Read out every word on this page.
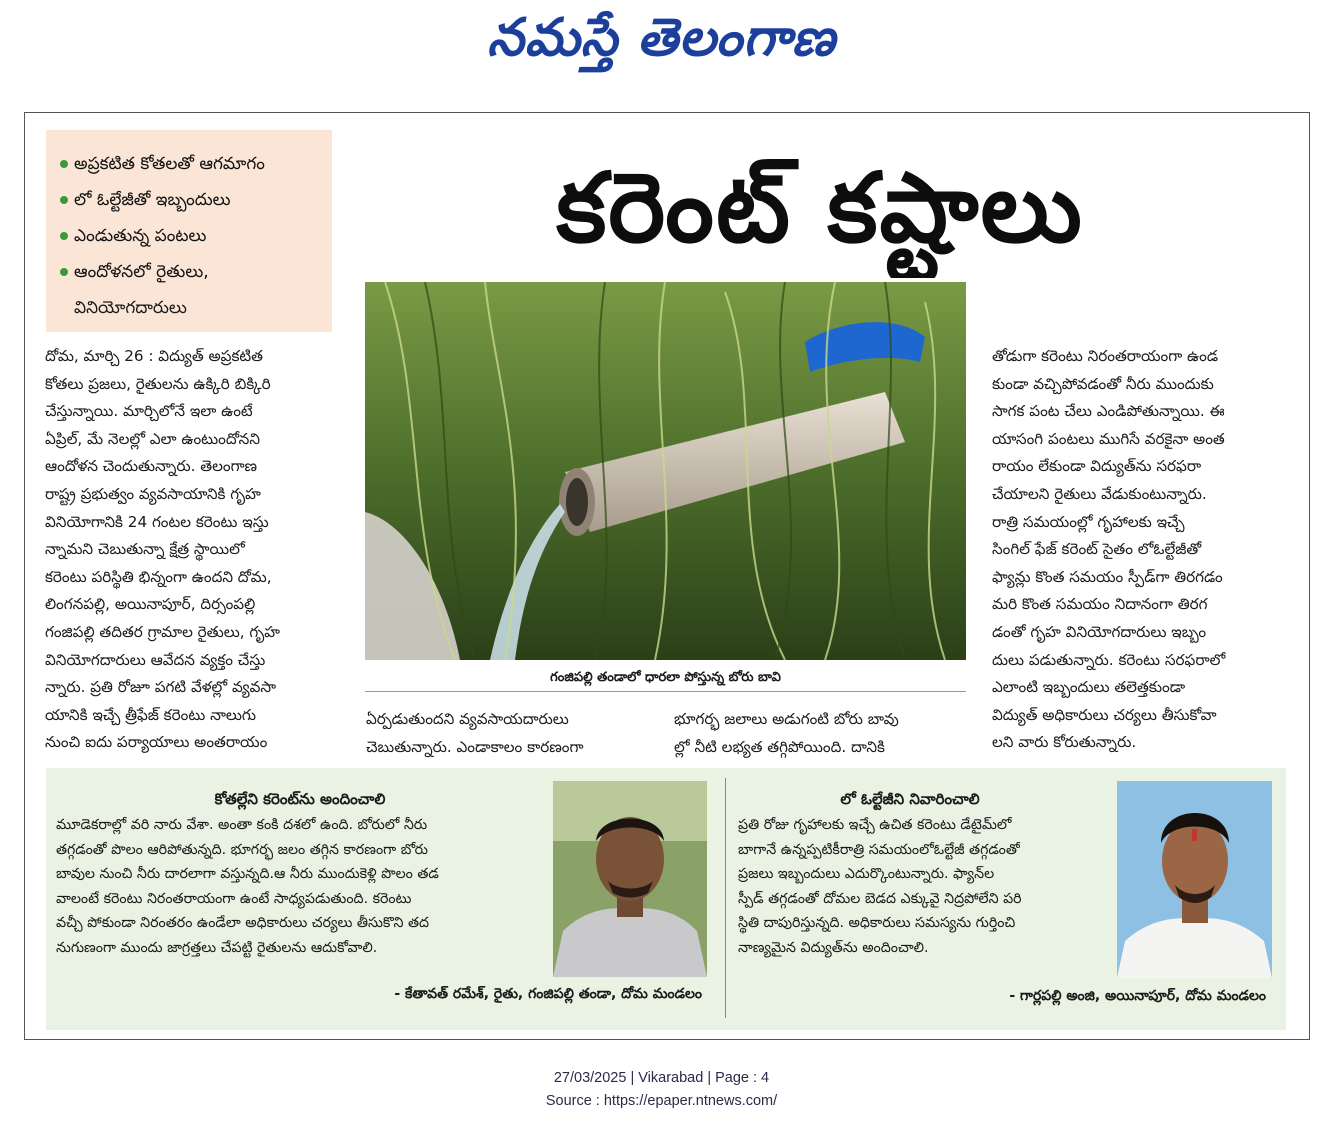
నమస్తే తెలంగాణ
అప్రకటిత కోతలతో ఆగమాగం
లో ఓల్టేజీతో ఇబ్బందులు
ఎండుతున్న పంటలు
ఆందోళనలో రైతులు,
వినియోగదారులు
కరెంట్ కష్టాలు
గంజిపల్లి తండాలో ధారలా పోస్తున్న బోరు బావి
దోమ, మార్చి 26 : విద్యుత్ అప్రకటిత
కోతలు ప్రజలు, రైతులను ఉక్కిరి బిక్కిరి
చేస్తున్నాయి. మార్చిలోనే ఇలా ఉంటే
ఏప్రిల్, మే నెలల్లో ఎలా ఉంటుందోనని
ఆందోళన చెందుతున్నారు. తెలంగాణ
రాష్ట్ర ప్రభుత్వం వ్యవసాయానికి గృహ
వినియోగానికి 24 గంటల కరెంటు ఇస్తు
న్నామని చెబుతున్నా క్షేత్ర స్థాయిలో
కరెంటు పరిస్థితి భిన్నంగా ఉందని దోమ,
లింగనపల్లి, అయినాపూర్, దిర్సంపల్లి
గంజిపల్లి తదితర గ్రామాల రైతులు, గృహ
వినియోగదారులు ఆవేదన వ్యక్తం చేస్తు
న్నారు. ప్రతి రోజూ పగటి వేళల్లో వ్యవసా
యానికి ఇచ్చే త్రీఫేజ్ కరెంటు నాలుగు
నుంచి ఐదు పర్యాయాలు అంతరాయం
ఏర్పడుతుందని వ్యవసాయదారులు
చెబుతున్నారు. ఎండాకాలం కారణంగా
భూగర్భ జలాలు అడుగంటి బోరు బావు
ల్లో నీటి లభ్యత తగ్గిపోయింది. దానికి
తోడుగా కరెంటు నిరంతరాయంగా ఉండ
కుండా వచ్చిపోవడంతో నీరు ముందుకు
సాగక పంట చేలు ఎండిపోతున్నాయి. ఈ
యాసంగి పంటలు ముగిసే వరకైనా అంత
రాయం లేకుండా విద్యుత్‌ను సరఫరా
చేయాలని రైతులు వేడుకుంటున్నారు.
రాత్రి సమయంల్లో గృహాలకు ఇచ్చే
సింగిల్ ఫేజ్ కరెంట్ సైతం లోఓల్టేజీతో
ఫ్యాన్లు కొంత సమయం స్పీడ్‌గా తిరగడం
మరి కొంత సమయం నిదానంగా తిరగ
డంతో గృహ వినియోగదారులు ఇబ్బం
దులు పడుతున్నారు. కరెంటు సరఫరాలో
ఎలాంటి ఇబ్బందులు తలెత్తకుండా
విద్యుత్ అధికారులు చర్యలు తీసుకోవా
లని వారు కోరుతున్నారు.
కోతల్లేని కరెంట్‌ను అందించాలి
మూడెకరాల్లో వరి నారు వేశా. అంతా కంకి దశలో ఉంది. బోరులో నీరు
తగ్గడంతో పొలం ఆరిపోతున్నది. భూగర్భ జలం తగ్గిన కారణంగా బోరు
బావుల నుంచి నీరు దారలాగా వస్తున్నది.ఆ నీరు ముందుకెళ్లి పొలం తడ
వాలంటే కరెంటు నిరంతరాయంగా ఉంటే సాధ్యపడుతుంది. కరెంటు
వచ్చీ పోకుండా నిరంతరం ఉండేలా అధికారులు చర్యలు తీసుకొని తద
నుగుణంగా ముందు జాగ్రత్తలు చేపట్టి రైతులను ఆదుకోవాలి.
- కేతావత్ రమేశ్, రైతు, గంజిపల్లి తండా, దోమ మండలం
లో ఓల్టేజీని నివారించాలి
ప్రతి రోజు గృహాలకు ఇచ్చే ఉచిత కరెంటు డేటైమ్‌లో
బాగానే ఉన్నప్పటికీరాత్రి సమయంలోఓల్టేజీ తగ్గడంతో
ప్రజలు ఇబ్బందులు ఎదుర్కొంటున్నారు. ఫ్యాన్‌ల
స్పీడ్ తగ్గడంతో దోమల బెడద ఎక్కువై నిద్రపోలేని పరి
స్థితి దాపురిస్తున్నది. అధికారులు సమస్యను గుర్తించి
నాణ్యమైన విద్యుత్‌ను అందించాలి.
- గార్లపల్లి అంజి, అయినాపూర్, దోమ మండలం
27/03/2025 | Vikarabad | Page : 4
Source : https://epaper.ntnews.com/
